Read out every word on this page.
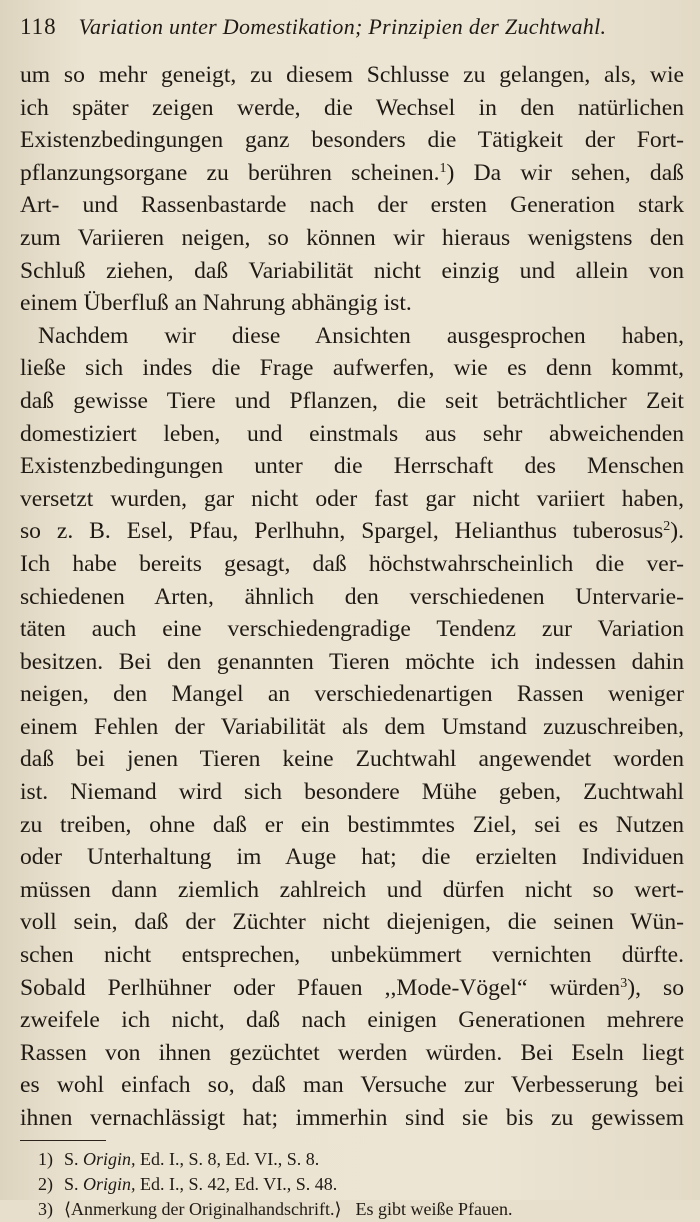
118 Variation unter Domestikation; Prinzipien der Zuchtwahl.

um so mehr geneigt, zu diesem Schlusse zu gelangen, als, wie

ich später zeigen werde, die Wechsel in den natürlichen

Existenzbedingungen ganz besonders die Tätigkeit der Fort-

pflanzungsorgane zu berühren scheinen.$^1$) Da wir sehen, daß

Art- und Rassenbastarde nach der ersten Generation stark

zum Variieren neigen, so können wir hieraus wenigstens den

Schluß ziehen, daß Variabilität nicht einzig und allein von

einem Überfluß an Nahrung abhängig ist.

Nachdem wir diese Ansichten ausgesprochen haben,

ließe sich indes die Frage aufwerfen, wie es denn kommt,

daß gewisse Tiere und Pflanzen, die seit beträchtlicher Zeit

domestiziert leben, und einstmals aus sehr abweichenden

Existenzbedingungen unter die Herrschaft des Menschen

versetzt wurden, gar nicht oder fast gar nicht variiert haben,

so z. B. Esel, Pfau, Perlhuhn, Spargel, Helianthus tuberosus$^2$).

Ich habe bereits gesagt, daß höchstwahrscheinlich die ver-

schiedenen Arten, ähnlich den verschiedenen Untervarie-

täten auch eine verschiedengradige Tendenz zur Variation

besitzen. Bei den genannten Tieren möchte ich indessen dahin

neigen, den Mangel an verschiedenartigen Rassen weniger

einem Fehlen der Variabilität als dem Umstand zuzuschreiben,

daß bei jenen Tieren keine Zuchtwahl angewendet worden

ist. Niemand wird sich besondere Mühe geben, Zuchtwahl

zu treiben, ohne daß er ein bestimmtes Ziel, sei es Nutzen

oder Unterhaltung im Auge hat; die erzielten Individuen

müssen dann ziemlich zahlreich und dürfen nicht so wert-

voll sein, daß der Züchter nicht diejenigen, die seinen Wün-

schen nicht entsprechen, unbekümmert vernichten dürfte.

Sobald Perlhühner oder Pfauen ,,Mode-Vögel“ würden$^3$), so

zweifele ich nicht, daß nach einigen Generationen mehrere

Rassen von ihnen gezüchtet werden würden. Bei Eseln liegt

es wohl einfach so, daß man Versuche zur Verbesserung bei

ihnen vernachlässigt hat; immerhin sind sie bis zu gewissem

1) S. Origin, Ed. I., S. 8, Ed. VI., S. 8.

2) S. Origin, Ed. I., S. 42, Ed. VI., S. 48.

3) ⟨Anmerkung der Originalhandschrift.⟩ Es gibt weiße Pfauen.
